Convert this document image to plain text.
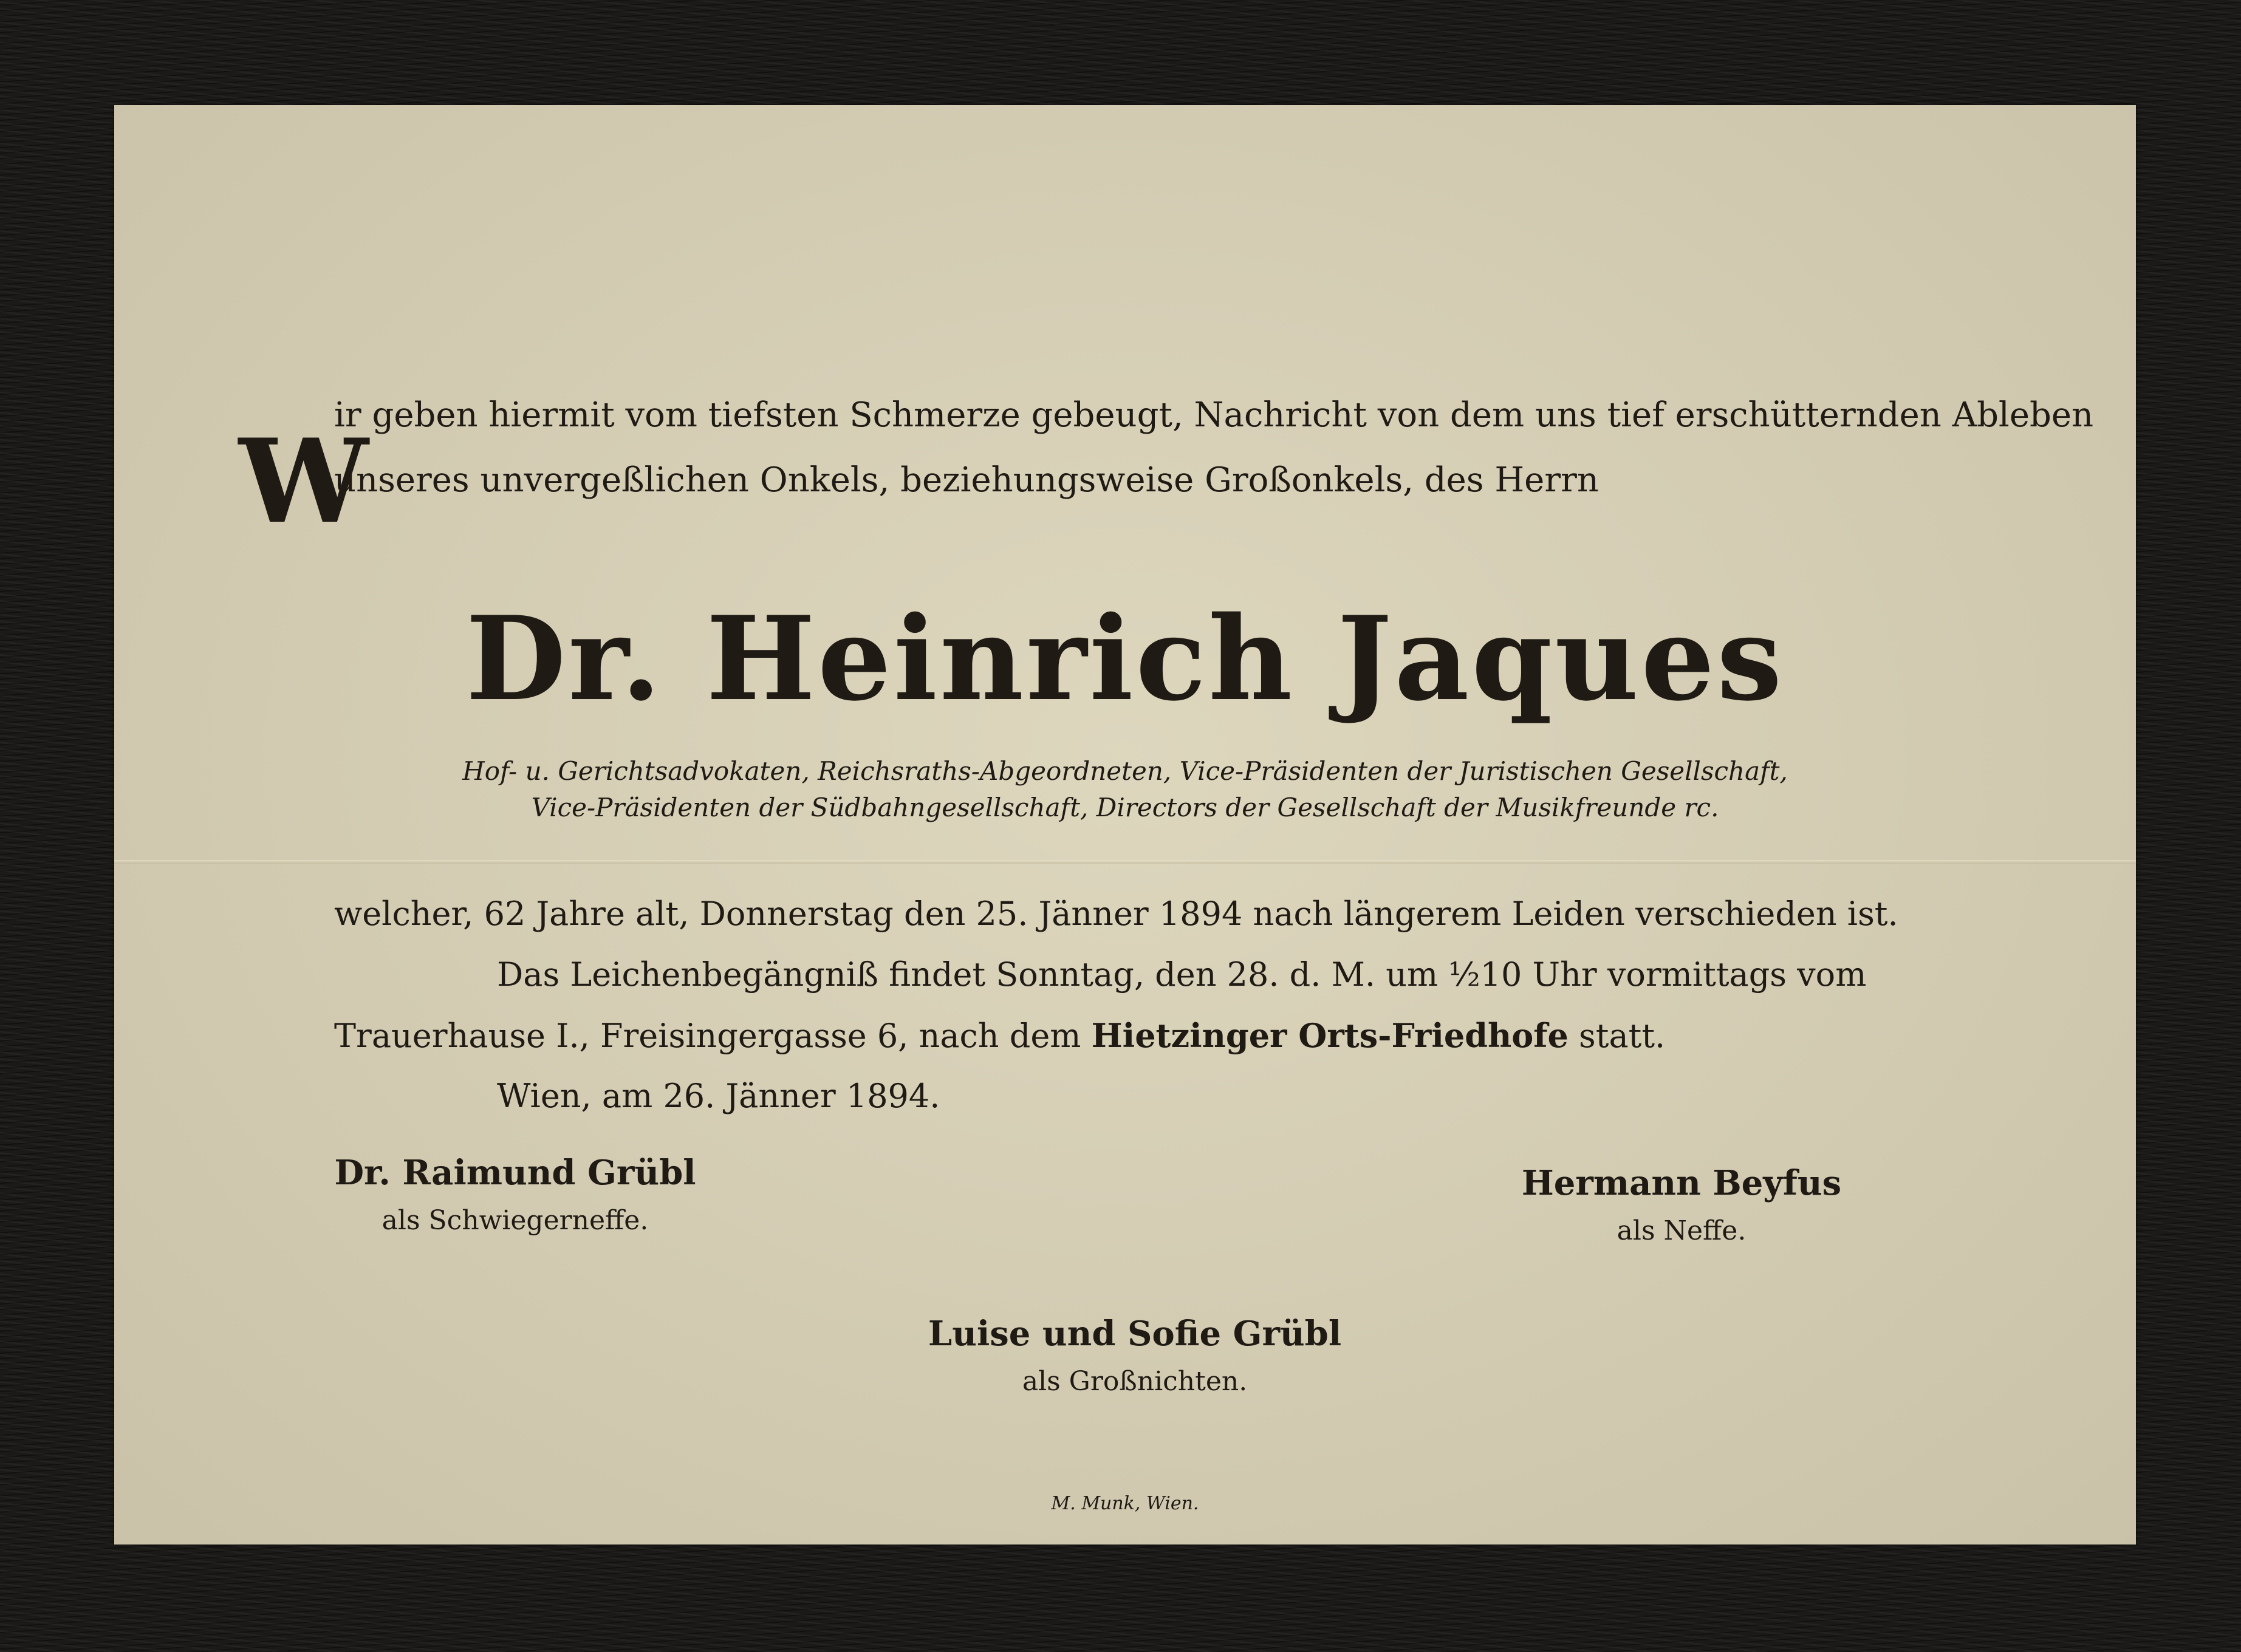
W
ir geben hiermit vom tiefsten Schmerze gebeugt, Nachricht von dem uns tief erschütternden Ableben
unseres unvergeßlichen Onkels, beziehungsweise Großonkels, des Herrn
Dr. Heinrich Jaques
Hof- u. Gerichtsadvokaten, Reichsraths-Abgeordneten, Vice-Präsidenten der Juristischen Gesellschaft,
Vice-Präsidenten der Südbahngesellschaft, Directors der Gesellschaft der Musikfreunde rc.
welcher, 62 Jahre alt, Donnerstag den 25. Jänner 1894 nach längerem Leiden verschieden ist.
Das Leichenbegängniß findet Sonntag, den 28. d. M. um ½10 Uhr vormittags vom
Trauerhause I., Freisingergasse 6, nach dem Hietzinger Orts-Friedhofe statt.
Wien, am 26. Jänner 1894.
Dr. Raimund Grübl
als Schwiegerneffe.
Hermann Beyfus
als Neffe.
Luise und Sofie Grübl
als Großnichten.
M. Munk, Wien.
